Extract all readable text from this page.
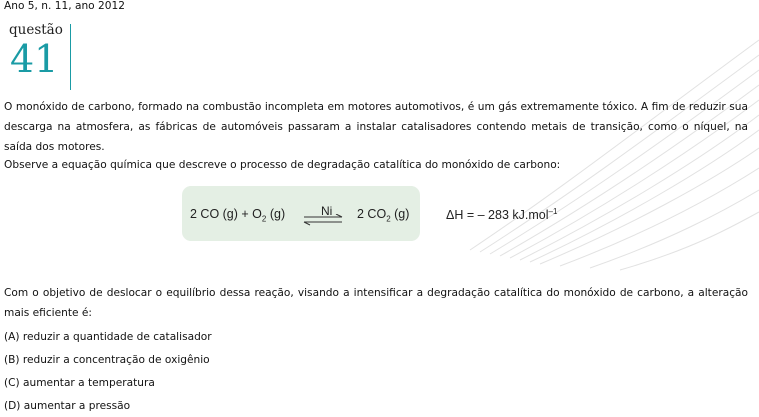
Ano 5, n. 11, ano 2012
questão
41
O monóxido de carbono, formado na combustão incompleta em motores automotivos, é um gás extremamente tóxico. A fim de reduzir sua descarga na atmosfera, as fábricas de automóveis passaram a instalar catalisadores contendo metais de transição, como o níquel, na saída dos motores.
Observe a equação química que descreve o processo de degradação catalítica do monóxido de carbono:
2 CO $(g) + O_2$ (g)	Ni ⇌ 2 $CO_2$ (g)	ΔH = – 283 kJ.mol$^{-1}$
Com o objetivo de deslocar o equilíbrio dessa reação, visando a intensificar a degradação catalítica do monóxido de carbono, a alteração mais eficiente é:
(A) reduzir a quantidade de catalisador
(B) reduzir a concentração de oxigênio
(C) aumentar a temperatura
(D) aumentar a pressão
